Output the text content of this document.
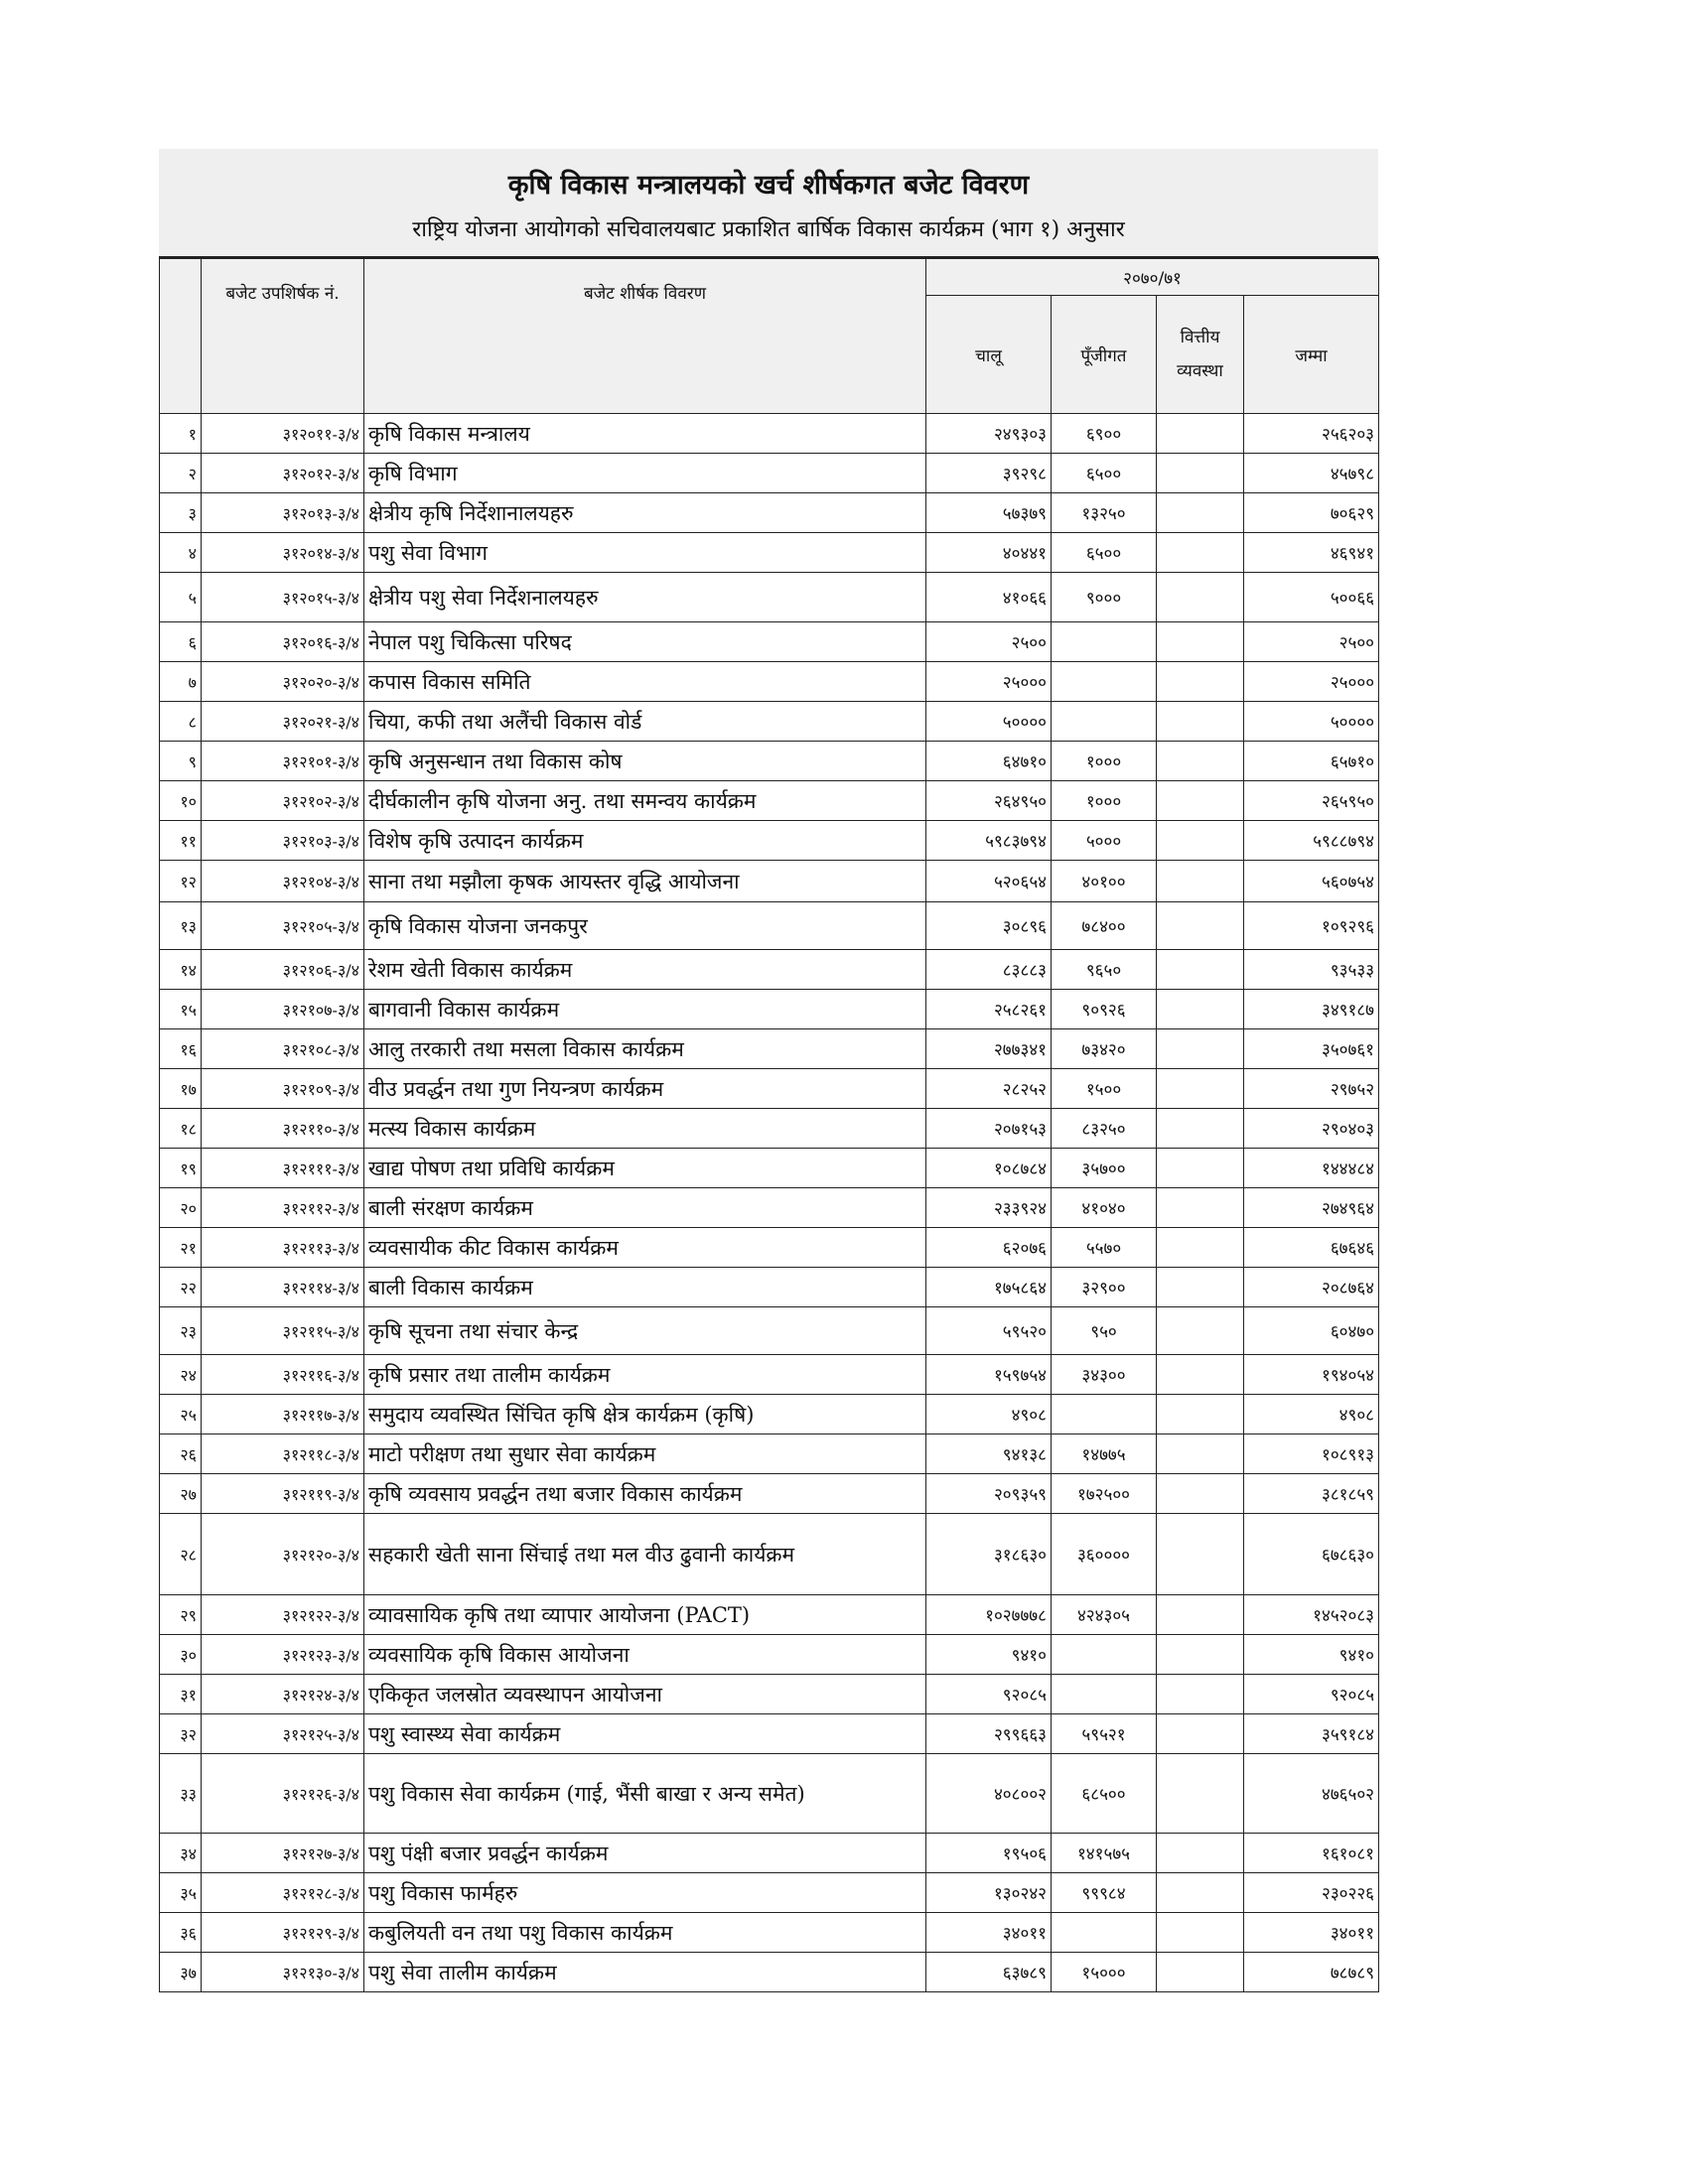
कृषि विकास मन्त्रालयको खर्च शीर्षकगत बजेट विवरण
राष्ट्रिय योजना आयोगको सचिवालयबाट प्रकाशित बार्षिक विकास कार्यक्रम (भाग १) अनुसार
	बजेट उपशिर्षक नं.	बजेट शीर्षक विवरण	२०७०/७१			
			चालू	पूँजीगत	वित्तीय व्यवस्था	जम्मा
१	३१२०११-३/४	कृषि विकास मन्त्रालय	२४९३०३	६९००		२५६२०३
२	३१२०१२-३/४	कृषि विभाग	३९२९८	६५००		४५७९८
३	३१२०१३-३/४	क्षेत्रीय कृषि निर्देशानालयहरु	५७३७९	१३२५०		७०६२९
४	३१२०१४-३/४	पशु सेवा विभाग	४०४४१	६५००		४६९४१
५	३१२०१५-३/४	क्षेत्रीय पशु सेवा निर्देशनालयहरु	४१०६६	९०००		५००६६
६	३१२०१६-३/४	नेपाल पशु चिकित्सा परिषद	२५००			२५००
७	३१२०२०-३/४	कपास विकास समिति	२५०००			२५०००
८	३१२०२१-३/४	चिया, कफी तथा अलैंची विकास वोर्ड	५००००			५००००
९	३१२१०१-३/४	कृषि अनुसन्धान तथा विकास कोष	६४७१०	१०००		६५७१०
१०	३१२१०२-३/४	दीर्घकालीन कृषि योजना अनु. तथा समन्वय कार्यक्रम	२६४९५०	१०००		२६५९५०
११	३१२१०३-३/४	विशेष कृषि उत्पादन कार्यक्रम	५९८३७९४	५०००		५९८८७९४
१२	३१२१०४-३/४	साना तथा मझौला कृषक आयस्तर वृद्धि आयोजना	५२०६५४	४०१००		५६०७५४
१३	३१२१०५-३/४	कृषि विकास योजना जनकपुर	३०८९६	७८४००		१०९२९६
१४	३१२१०६-३/४	रेशम खेती विकास कार्यक्रम	८३८८३	९६५०		९३५३३
१५	३१२१०७-३/४	बागवानी विकास कार्यक्रम	२५८२६१	९०९२६		३४९१८७
१६	३१२१०८-३/४	आलु तरकारी तथा मसला विकास कार्यक्रम	२७७३४१	७३४२०		३५०७६१
१७	३१२१०९-३/४	वीउ प्रवर्द्धन तथा गुण नियन्त्रण कार्यक्रम	२८२५२	१५००		२९७५२
१८	३१२११०-३/४	मत्स्य विकास कार्यक्रम	२०७१५३	८३२५०		२९०४०३
१९	३१२१११-३/४	खाद्य पोषण तथा प्रविधि कार्यक्रम	१०८७८४	३५७००		१४४४८४
२०	३१२११२-३/४	बाली संरक्षण कार्यक्रम	२३३९२४	४१०४०		२७४९६४
२१	३१२११३-३/४	व्यवसायीक कीट विकास कार्यक्रम	६२०७६	५५७०		६७६४६
२२	३१२११४-३/४	बाली विकास कार्यक्रम	१७५८६४	३२९००		२०८७६४
२३	३१२११५-३/४	कृषि सूचना तथा संचार केन्द्र	५९५२०	९५०		६०४७०
२४	३१२११६-३/४	कृषि प्रसार तथा तालीम कार्यक्रम	१५९७५४	३४३००		१९४०५४
२५	३१२११७-३/४	समुदाय व्यवस्थित सिंचित कृषि क्षेत्र कार्यक्रम (कृषि)	४९०८			४९०८
२६	३१२११८-३/४	माटो परीक्षण तथा सुधार सेवा कार्यक्रम	९४१३८	१४७७५		१०८९१३
२७	३१२११९-३/४	कृषि व्यवसाय प्रवर्द्धन तथा बजार विकास कार्यक्रम	२०९३५९	१७२५००		३८१८५९
२८	३१२१२०-३/४	सहकारी खेती साना सिंचाई तथा मल वीउ ढुवानी कार्यक्रम	३१८६३०	३६००००		६७८६३०
२९	३१२१२२-३/४	व्यावसायिक कृषि तथा व्यापार आयोजना (PACT)	१०२७७७८	४२४३०५		१४५२०८३
३०	३१२१२३-३/४	व्यवसायिक कृषि विकास आयोजना	९४१०			९४१०
३१	३१२१२४-३/४	एकिकृत जलस्रोत व्यवस्थापन आयोजना	९२०८५			९२०८५
३२	३१२१२५-३/४	पशु स्वास्थ्य सेवा कार्यक्रम	२९९६६३	५९५२१		३५९१८४
३३	३१२१२६-३/४	पशु विकास सेवा कार्यक्रम (गाई, भैंसी बाखा र अन्य समेत)	४०८००२	६८५००		४७६५०२
३४	३१२१२७-३/४	पशु पंक्षी बजार प्रवर्द्धन कार्यक्रम	१९५०६	१४१५७५		१६१०८१
३५	३१२१२८-३/४	पशु विकास फार्महरु	१३०२४२	९९९८४		२३०२२६
३६	३१२१२९-३/४	कबुलियती वन तथा पशु विकास कार्यक्रम	३४०११			३४०११
३७	३१२१३०-३/४	पशु सेवा तालीम कार्यक्रम	६३७८९	१५०००		७८७८९
